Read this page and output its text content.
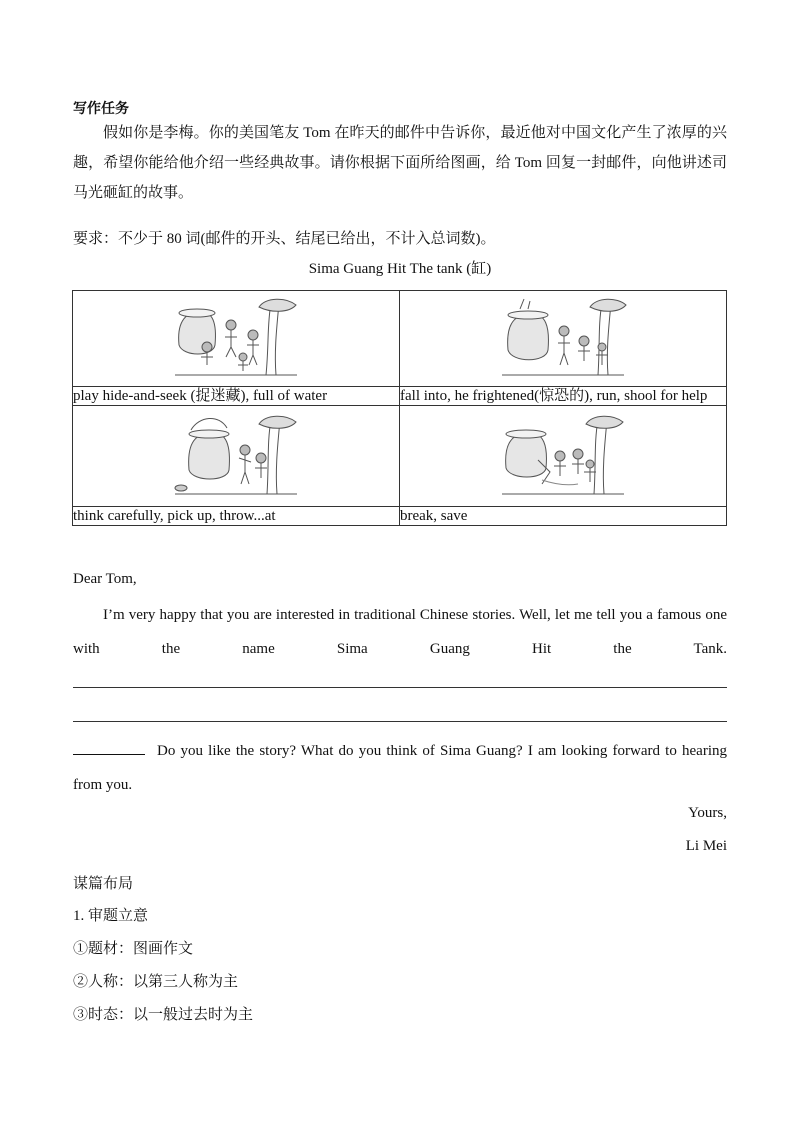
写作任务
假如你是李梅。你的美国笔友 Tom 在昨天的邮件中告诉你，最近他对中国文化产生了浓厚的兴趣，希望你能给他介绍一些经典故事。请你根据下面所给图画，给 Tom 回复一封邮件，向他讲述司马光砸缸的故事。
要求：不少于 80 词(邮件的开头、结尾已给出，不计入总词数)。
Sima Guang Hit The tank (缸)

play hide-and-seek (捉迷藏), full of water	fall into, he frightened(惊恐的), run, shool for help

think carefully, pick up, throw...at	break, save
Dear Tom,
I’m very happy that you are interested in traditional Chinese stories. Well, let me tell you a famous one with the name Sima Guang Hit the Tank.
Do you like the story? What do you think of Sima Guang? I am looking forward to hearing from you.
Yours,
Li Mei
谋篇布局
1. 审题立意
①题材：图画作文
②人称：以第三人称为主
③时态：以一般过去时为主
